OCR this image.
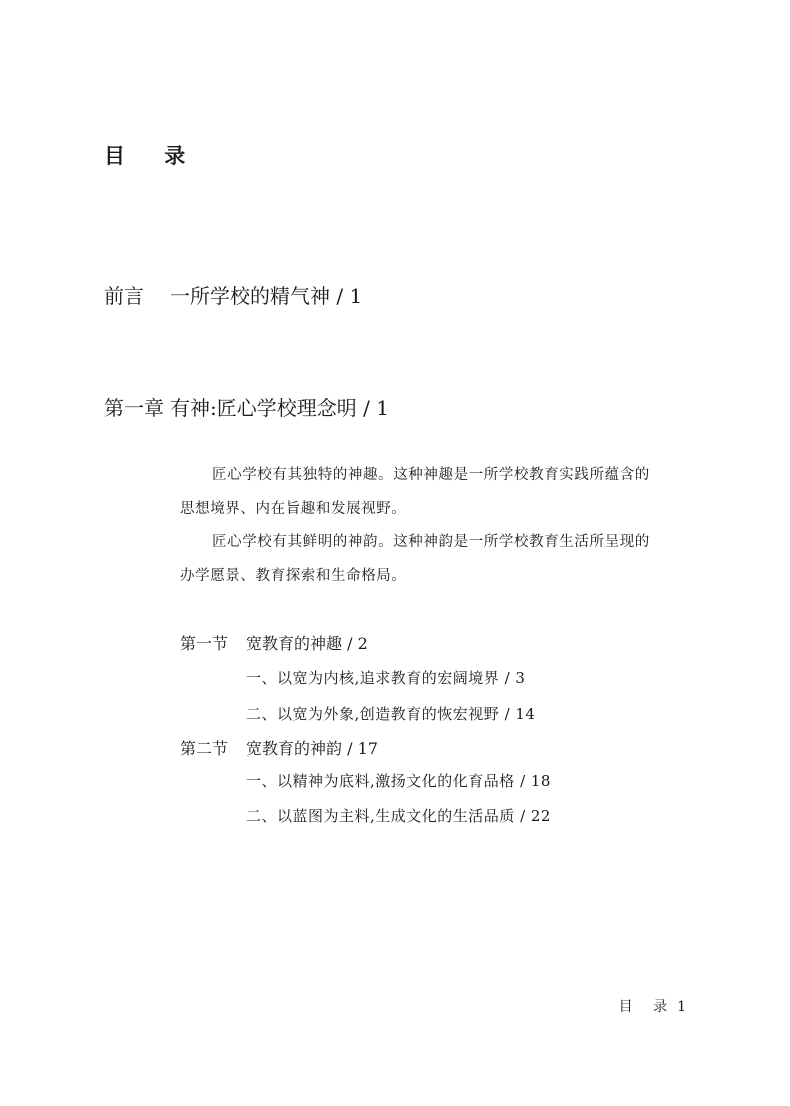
目 录
前言 一所学校的精气神 / 1
第一章 有神:匠心学校理念明 / 1
匠心学校有其独特的神趣。这种神趣是一所学校教育实践所蕴含的
思想境界、内在旨趣和发展视野。
匠心学校有其鲜明的神韵。这种神韵是一所学校教育生活所呈现的
办学愿景、教育探索和生命格局。
第一节 宽教育的神趣 / 2
一、以宽为内核,追求教育的宏阔境界 / 3
二、以宽为外象,创造教育的恢宏视野 / 14
第二节 宽教育的神韵 / 17
一、以精神为底料,激扬文化的化育品格 / 18
二、以蓝图为主料,生成文化的生活品质 / 22
目 录 1
